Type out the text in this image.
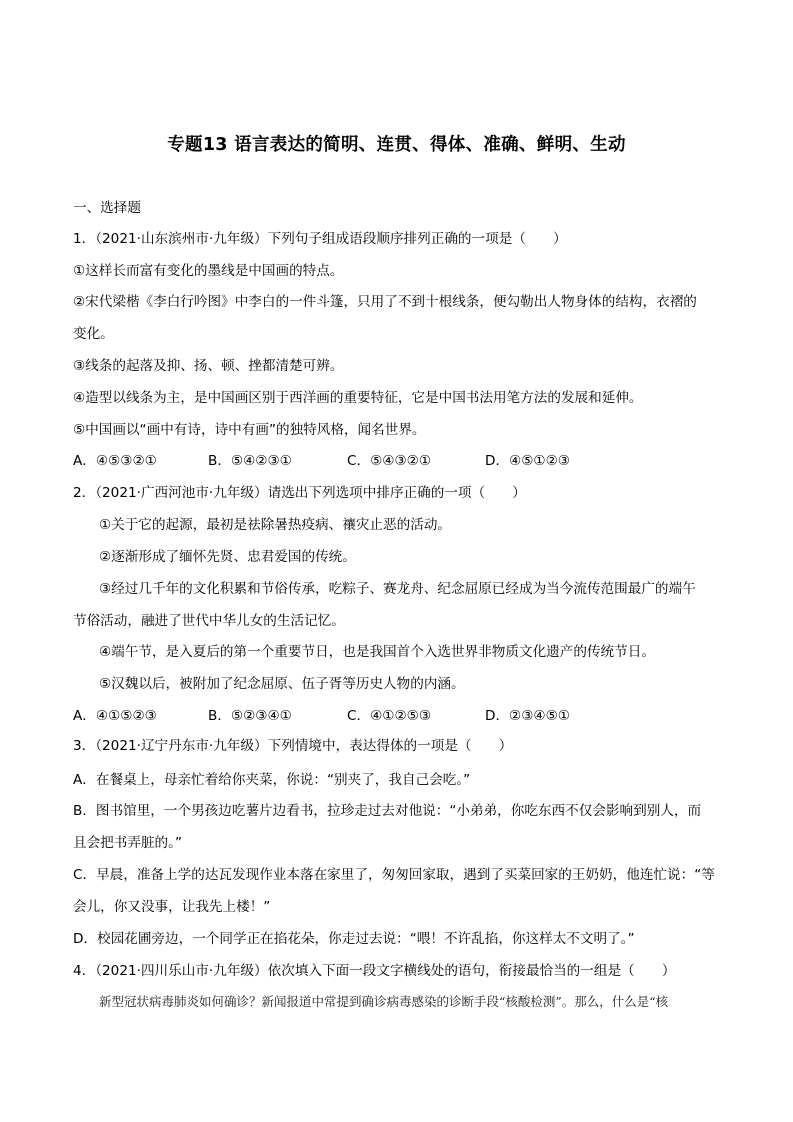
专题13 语言表达的简明、连贯、得体、准确、鲜明、生动
一、选择题
1．（2021·山东滨州市·九年级）下列句子组成语段顺序排列正确的一项是（　　）
①这样长而富有变化的墨线是中国画的特点。
②宋代梁楷《李白行吟图》中李白的一件斗篷，只用了不到十根线条，便勾勒出人物身体的结构，衣褶的
变化。
③线条的起落及抑、扬、顿、挫都清楚可辨。
④造型以线条为主，是中国画区别于西洋画的重要特征，它是中国书法用笔方法的发展和延伸。
⑤中国画以“画中有诗，诗中有画”的独特风格，闻名世界。
A．④⑤③②①	B．⑤④②③①	C．⑤④③②①	D．④⑤①②③
2．（2021·广西河池市·九年级）请选出下列选项中排序正确的一项（　　）
①关于它的起源，最初是祛除暑热疫病、禳灾止恶的活动。
②逐渐形成了缅怀先贤、忠君爱国的传统。
③经过几千年的文化积累和节俗传承，吃粽子、赛龙舟、纪念屈原已经成为当今流传范围最广的端午
节俗活动，融进了世代中华儿女的生活记忆。
④端午节，是入夏后的第一个重要节日，也是我国首个入选世界非物质文化遗产的传统节日。
⑤汉魏以后，被附加了纪念屈原、伍子胥等历史人物的内涵。
A．④①⑤②③	B．⑤②③④①	C．④①②⑤③	D．②③④⑤①
3．（2021·辽宁丹东市·九年级）下列情境中，表达得体的一项是（　　）
A．在餐桌上，母亲忙着给你夹菜，你说：“别夹了，我自己会吃。”
B．图书馆里，一个男孩边吃薯片边看书，拉珍走过去对他说：“小弟弟，你吃东西不仅会影响到别人，而
且会把书弄脏的。”
C．早晨，准备上学的达瓦发现作业本落在家里了，匆匆回家取，遇到了买菜回家的王奶奶，他连忙说：“等
会儿，你又没事，让我先上楼！”
D．校园花圃旁边，一个同学正在掐花朵，你走过去说：“喂！不许乱掐，你这样太不文明了。”
4．（2021·四川乐山市·九年级）依次填入下面一段文字横线处的语句，衔接最恰当的一组是（　　）
新型冠状病毒肺炎如何确诊？新闻报道中常提到确诊病毒感染的诊断手段“核酸检测”。那么，什么是“核
